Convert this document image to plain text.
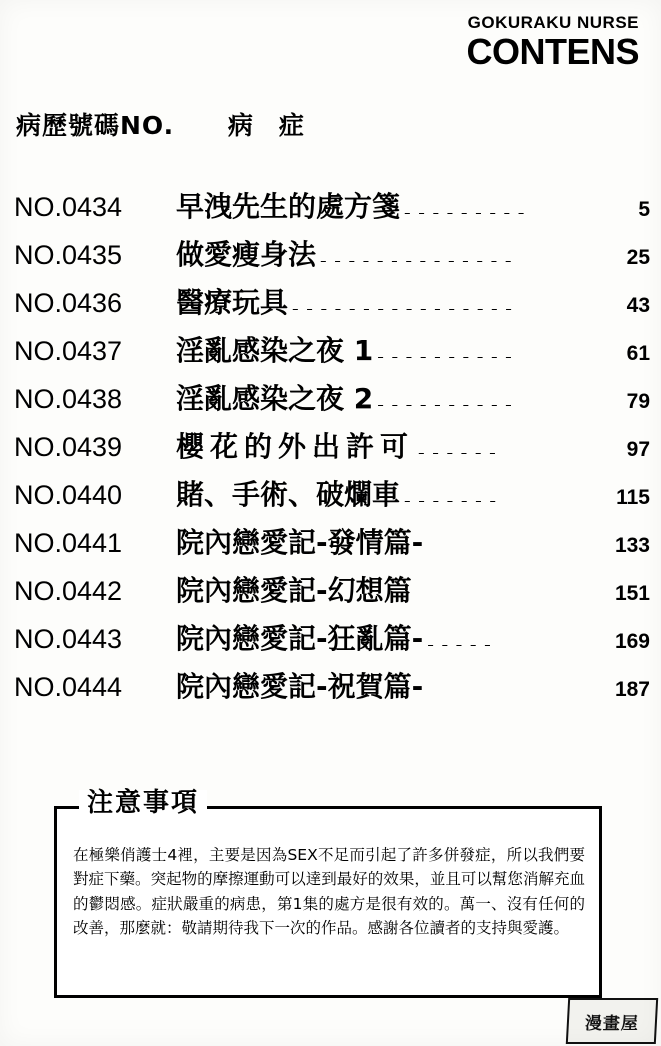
GOKURAKU NURSE
CONTENS
病歷號碼NO. 病症
NO.0434	早洩先生的處方箋	5
NO.0435	做愛瘦身法	25
NO.0436	醫療玩具	43
NO.0437	淫亂感染之夜 1	61
NO.0438	淫亂感染之夜 2	79
NO.0439	櫻花的外出許可	97
NO.0440	賭、手術、破爛車	115
NO.0441	院內戀愛記-發情篇-	133
NO.0442	院內戀愛記-幻想篇	151
NO.0443	院內戀愛記-狂亂篇-	169
NO.0444	院內戀愛記-祝賀篇-	187
注意事項
在極樂俏護士4裡，主要是因為SEX不足而引起了許多併發症，所以我們要對症下藥。突起物的摩擦運動可以達到最好的效果，並且可以幫您消解充血的鬱悶感。症狀嚴重的病患，第1集的處方是很有效的。萬一、沒有任何的改善，那麼就：敬請期待我下一次的作品。感謝各位讀者的支持與愛護。
漫畫屋
